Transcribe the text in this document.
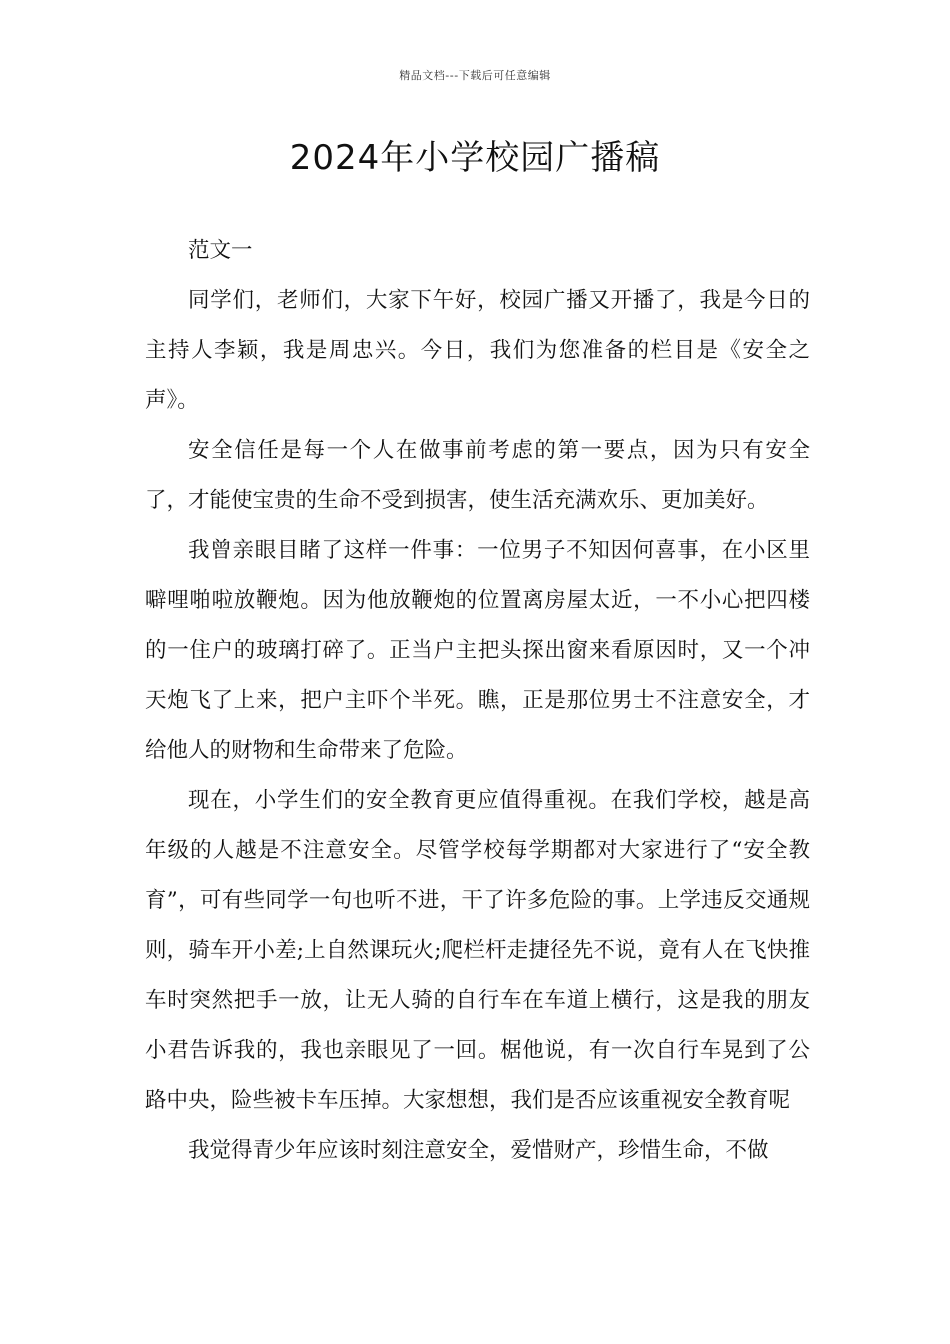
精品文档---下载后可任意编辑
2024年小学校园广播稿

范文一

同学们，老师们，大家下午好，校园广播又开播了，我是今日的主持人李颖，我是周忠兴。今日，我们为您准备的栏目是《安全之声》。

安全信任是每一个人在做事前考虑的第一要点，因为只有安全了，才能使宝贵的生命不受到损害，使生活充满欢乐、更加美好。

我曾亲眼目睹了这样一件事：一位男子不知因何喜事，在小区里噼哩啪啦放鞭炮。因为他放鞭炮的位置离房屋太近，一不小心把四楼的一住户的玻璃打碎了。正当户主把头探出窗来看原因时，又一个冲天炮飞了上来，把户主吓个半死。瞧，正是那位男士不注意安全，才给他人的财物和生命带来了危险。

现在，小学生们的安全教育更应值得重视。在我们学校，越是高年级的人越是不注意安全。尽管学校每学期都对大家进行了“安全教育”，可有些同学一句也听不进，干了许多危险的事。上学违反交通规则，骑车开小差;上自然课玩火;爬栏杆走捷径先不说，竟有人在飞快推车时突然把手一放，让无人骑的自行车在车道上横行，这是我的朋友小君告诉我的，我也亲眼见了一回。椐他说，有一次自行车晃到了公路中央，险些被卡车压掉。大家想想，我们是否应该重视安全教育呢

我觉得青少年应该时刻注意安全，爱惜财产，珍惜生命，不做
